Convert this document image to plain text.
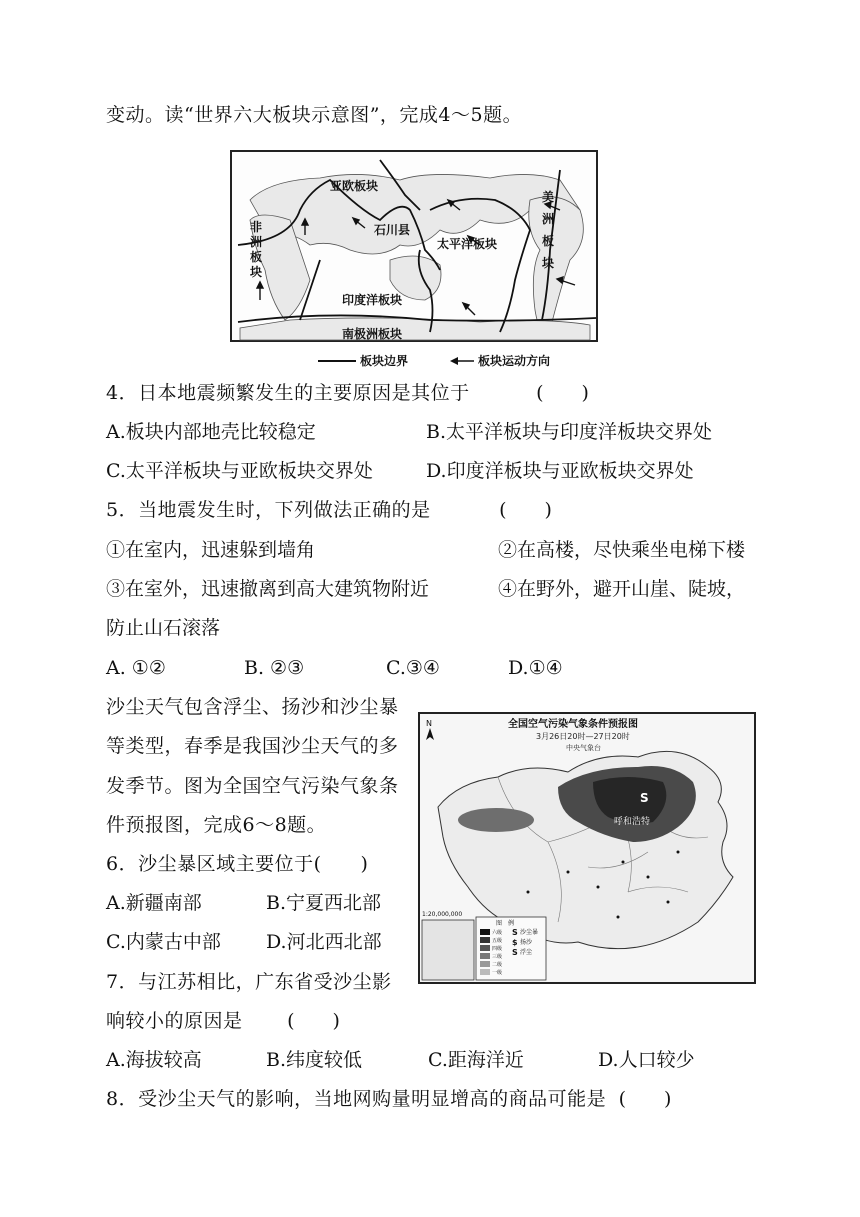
变动。读“世界六大板块示意图”，完成4～5题。
亚欧板块
石川县
太平洋板块
印度洋板块
南极洲板块
非洲板块
美洲板块
板块边界	板块运动方向
4．日本地震频繁发生的主要原因是其位于	(　　)
A.板块内部地壳比较稳定	B.太平洋板块与印度洋板块交界处
C.太平洋板块与亚欧板块交界处	D.印度洋板块与亚欧板块交界处
5．当地震发生时，下列做法正确的是	(　　)
①在室内，迅速躲到墙角	②在高楼，尽快乘坐电梯下楼
③在室外，迅速撤离到高大建筑物附近	④在野外，避开山崖、陡坡，
防止山石滚落
A. ①②	B. ②③	C.③④	D.①④
沙尘天气包含浮尘、扬沙和沙尘暴
等类型，春季是我国沙尘天气的多
发季节。图为全国空气污染气象条
件预报图，完成6～8题。
N	全国空气污染气象条件预报图
3月26日20时—27日20时
中央气象台
S
呼和浩特
1:20,000,000
图　例
六级
五级
四级
三级
二级
一级
S 沙尘暴
$ 扬沙
S 浮尘
6．沙尘暴区域主要位于(　　)
A.新疆南部	B.宁夏西北部
C.内蒙古中部 D.河北西北部
7．与江苏相比，广东省受沙尘影
响较小的原因是 (　　)
A.海拔较高	B.纬度较低	C.距海洋近	D.人口较少
8．受沙尘天气的影响，当地网购量明显增高的商品可能是 (　　)
